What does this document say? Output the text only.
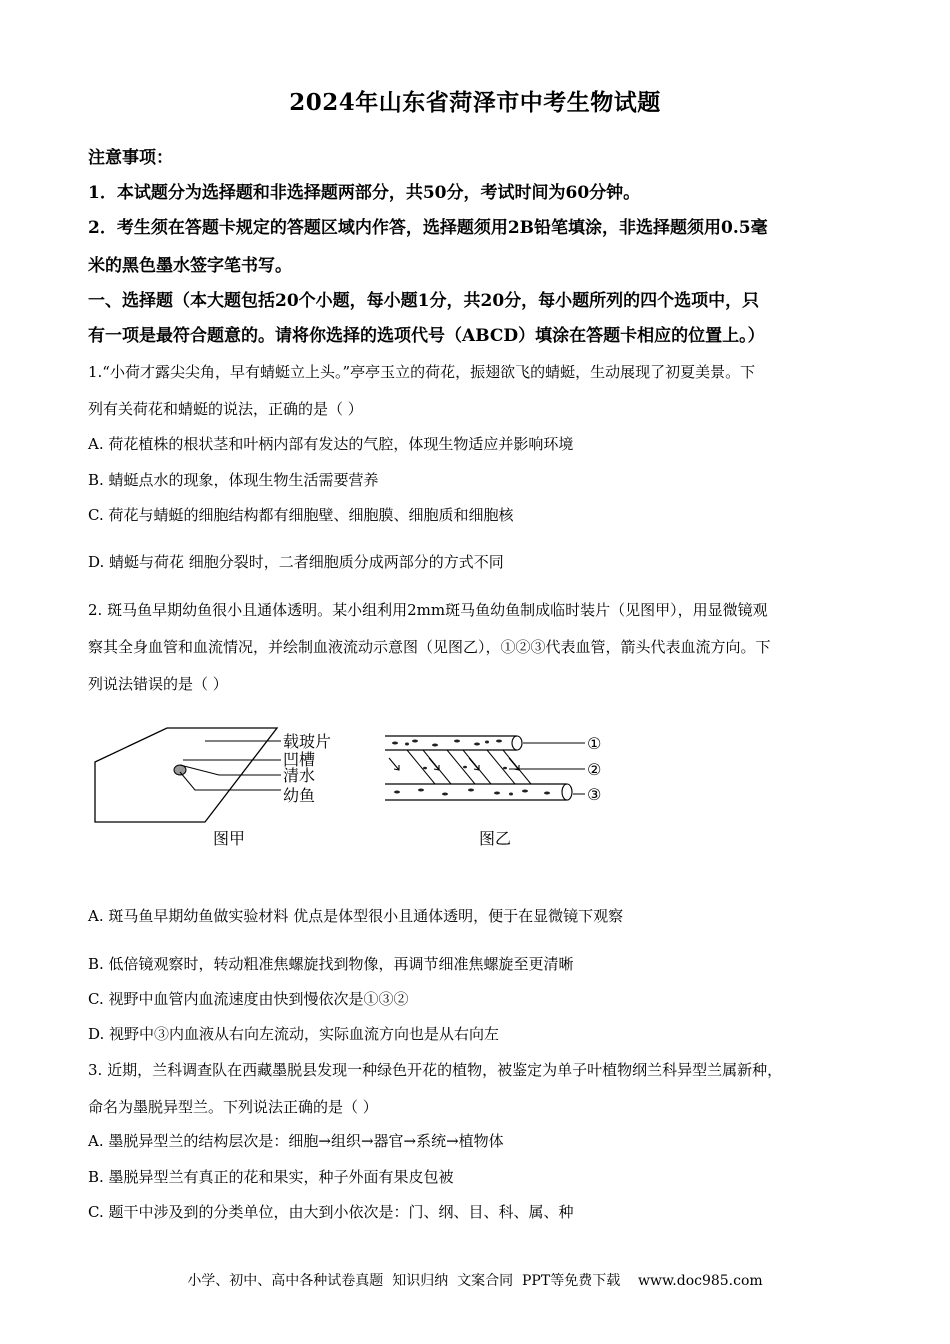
2024年山东省菏泽市中考生物试题
注意事项：
1．本试题分为选择题和非选择题两部分，共50分，考试时间为60分钟。
2．考生须在答题卡规定的答题区域内作答，选择题须用2B铅笔填涂，非选择题须用0.5毫
米的黑色墨水签字笔书写。
一、选择题（本大题包括20个小题，每小题1分，共20分，每小题所列的四个选项中，只
有一项是最符合题意的。请将你选择的选项代号（ABCD）填涂在答题卡相应的位置上。）
1.“小荷才露尖尖角，早有蜻蜓立上头。”亭亭玉立的荷花，振翅欲飞的蜻蜓，生动展现了初夏美景。下
列有关荷花和蜻蜓的说法，正确的是（ ）
A. 荷花植株的根状茎和叶柄内部有发达的气腔，体现生物适应并影响环境
B. 蜻蜓点水的现象，体现生物生活需要营养
C. 荷花与蜻蜓的细胞结构都有细胞壁、细胞膜、细胞质和细胞核
D. 蜻蜓与荷花 细胞分裂时，二者细胞质分成两部分的方式不同
2. 斑马鱼早期幼鱼很小且通体透明。某小组利用2mm斑马鱼幼鱼制成临时装片（见图甲），用显微镜观
察其全身血管和血流情况，并绘制血液流动示意图（见图乙），①②③代表血管，箭头代表血流方向。下
列说法错误的是（ ）
载玻片
凹槽
清水
幼鱼
图甲
①
②
③
图乙
A. 斑马鱼早期幼鱼做实验材料 优点是体型很小且通体透明，便于在显微镜下观察
B. 低倍镜观察时，转动粗准焦螺旋找到物像，再调节细准焦螺旋至更清晰
C. 视野中血管内血流速度由快到慢依次是①③②
D. 视野中③内血液从右向左流动，实际血流方向也是从右向左
3. 近期，兰科调查队在西藏墨脱县发现一种绿色开花的植物，被鉴定为单子叶植物纲兰科异型兰属新种，
命名为墨脱异型兰。下列说法正确的是（ ）
A. 墨脱异型兰的结构层次是：细胞→组织→器官→系统→植物体
B. 墨脱异型兰有真正的花和果实，种子外面有果皮包被
C. 题干中涉及到的分类单位，由大到小依次是：门、纲、目、科、属、种
小学、初中、高中各种试卷真题  知识归纳  文案合同  PPT等免费下载    www.doc985.com
